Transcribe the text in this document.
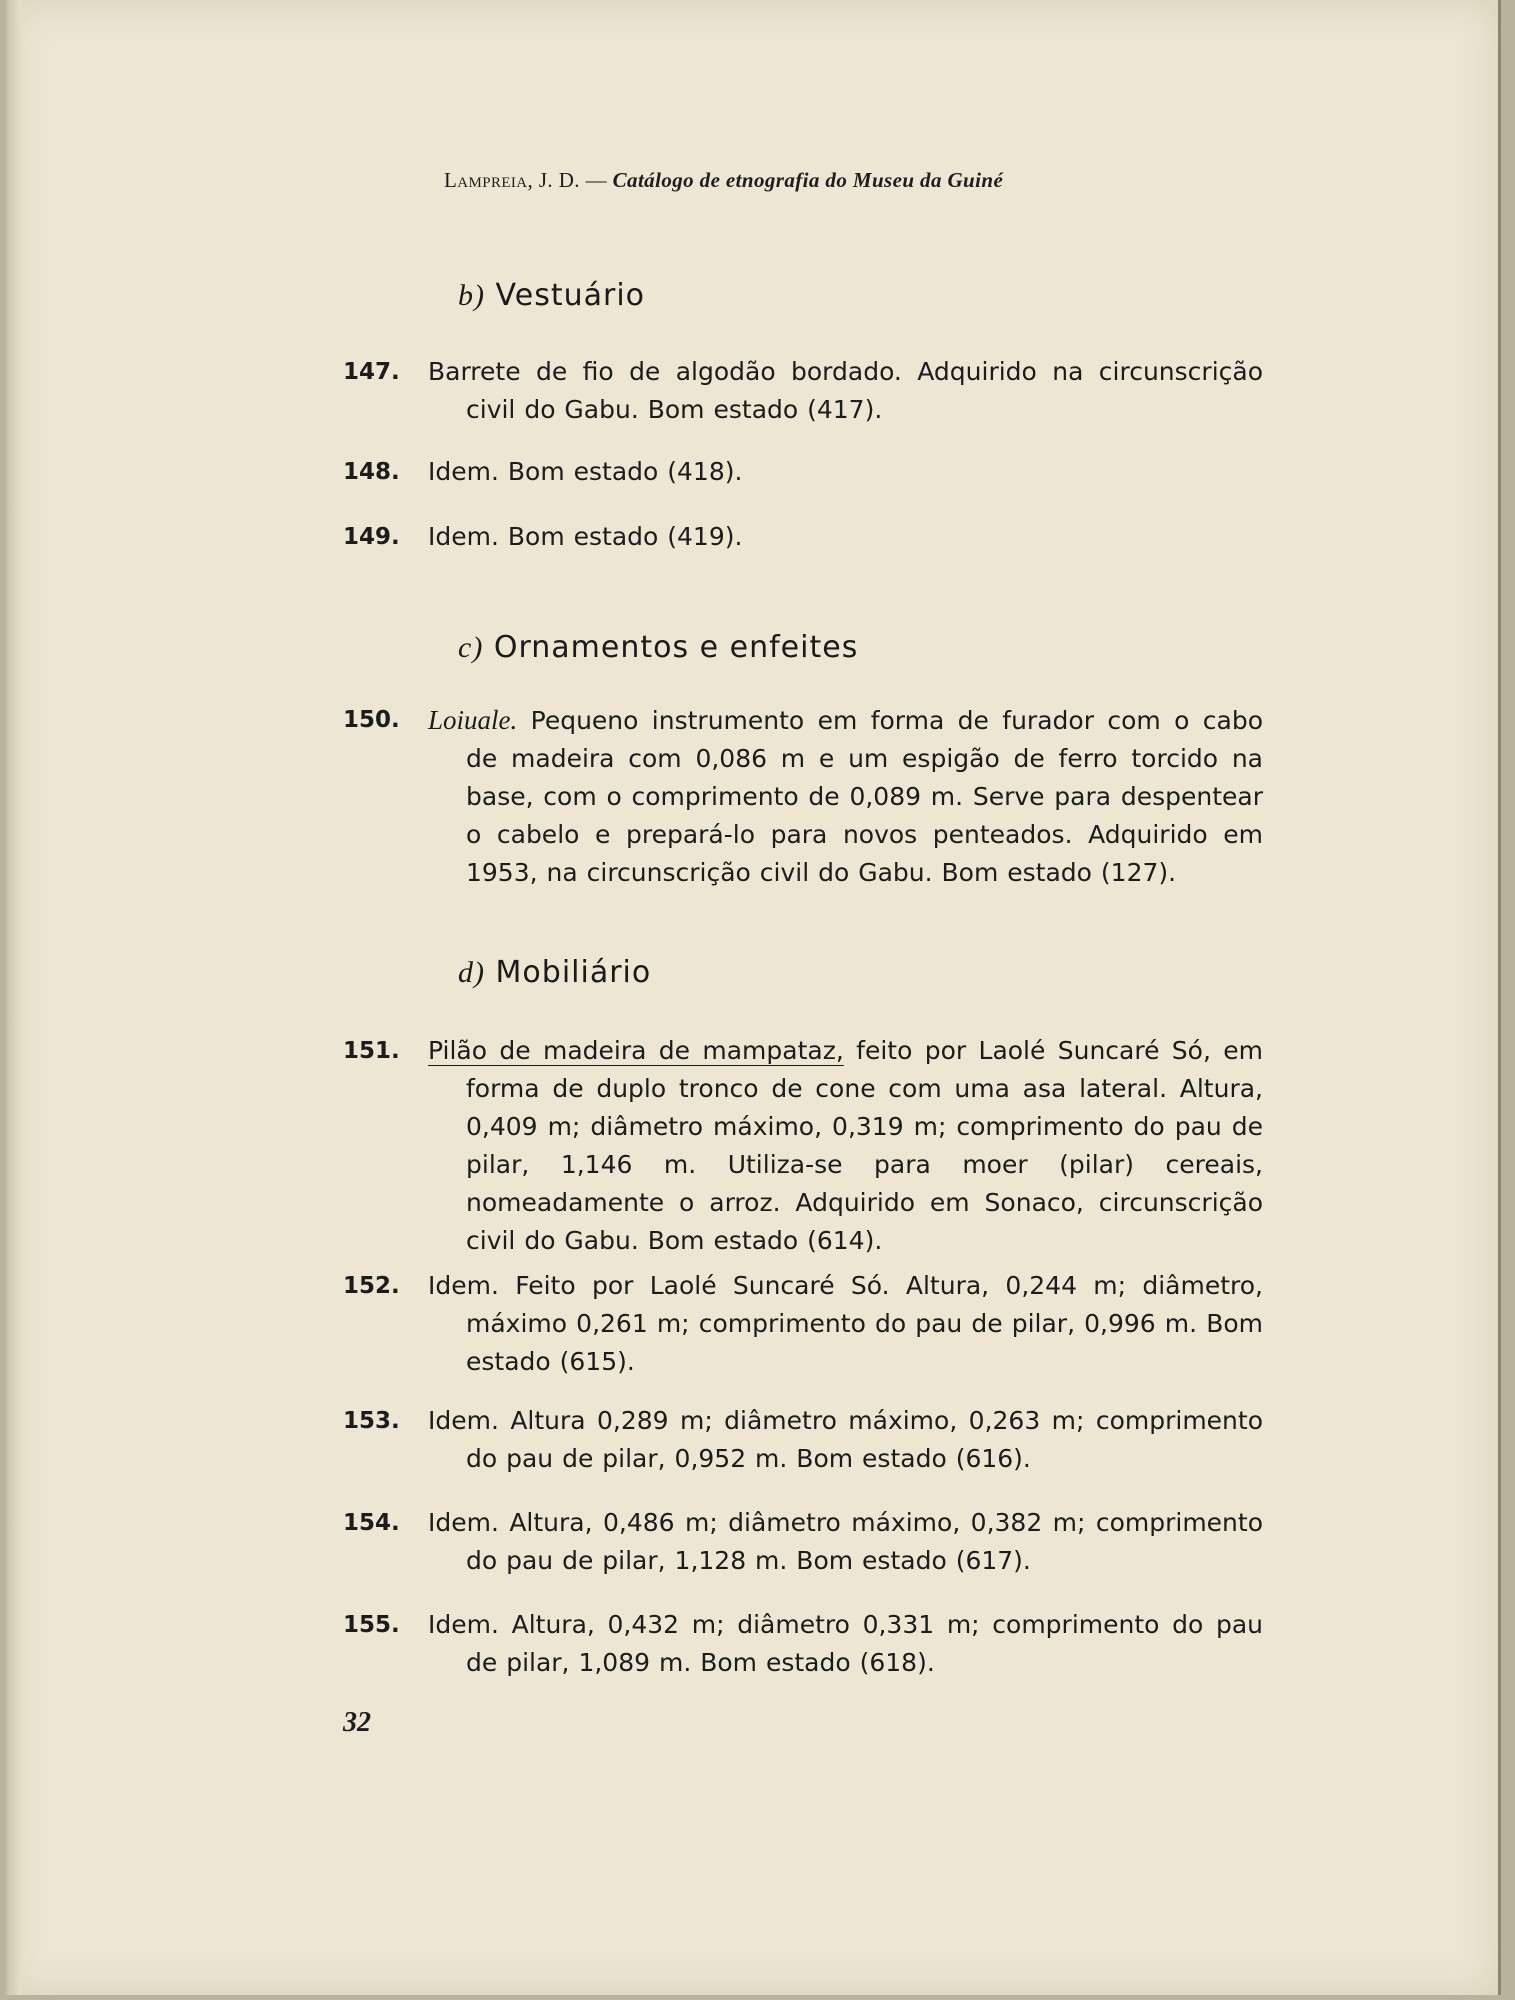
Lampreia, J. D. — Catálogo de etnografia do Museu da Guiné
b) Vestuário
147. Barrete de fio de algodão bordado. Adquirido na circunscrição civil do Gabu. Bom estado (417).
148. Idem. Bom estado (418).
149. Idem. Bom estado (419).
c) Ornamentos e enfeites
150. Loiuale. Pequeno instrumento em forma de furador com o cabo de madeira com 0,086 m e um espigão de ferro torcido na base, com o comprimento de 0,089 m. Serve para despentear o cabelo e prepará-lo para novos penteados. Adquirido em 1953, na circunscrição civil do Gabu. Bom estado (127).
d) Mobiliário
151. Pilão de madeira de mampataz, feito por Laolé Suncaré Só, em forma de duplo tronco de cone com uma asa lateral. Altura, 0,409 m; diâmetro máximo, 0,319 m; comprimento do pau de pilar, 1,146 m. Utiliza-se para moer (pilar) cereais, nomeadamente o arroz. Adquirido em Sonaco, circunscrição civil do Gabu. Bom estado (614).
152. Idem. Feito por Laolé Suncaré Só. Altura, 0,244 m; diâmetro, máximo 0,261 m; comprimento do pau de pilar, 0,996 m. Bom estado (615).
153. Idem. Altura 0,289 m; diâmetro máximo, 0,263 m; comprimento do pau de pilar, 0,952 m. Bom estado (616).
154. Idem. Altura, 0,486 m; diâmetro máximo, 0,382 m; comprimento do pau de pilar, 1,128 m. Bom estado (617).
155. Idem. Altura, 0,432 m; diâmetro 0,331 m; comprimento do pau de pilar, 1,089 m. Bom estado (618).
32
